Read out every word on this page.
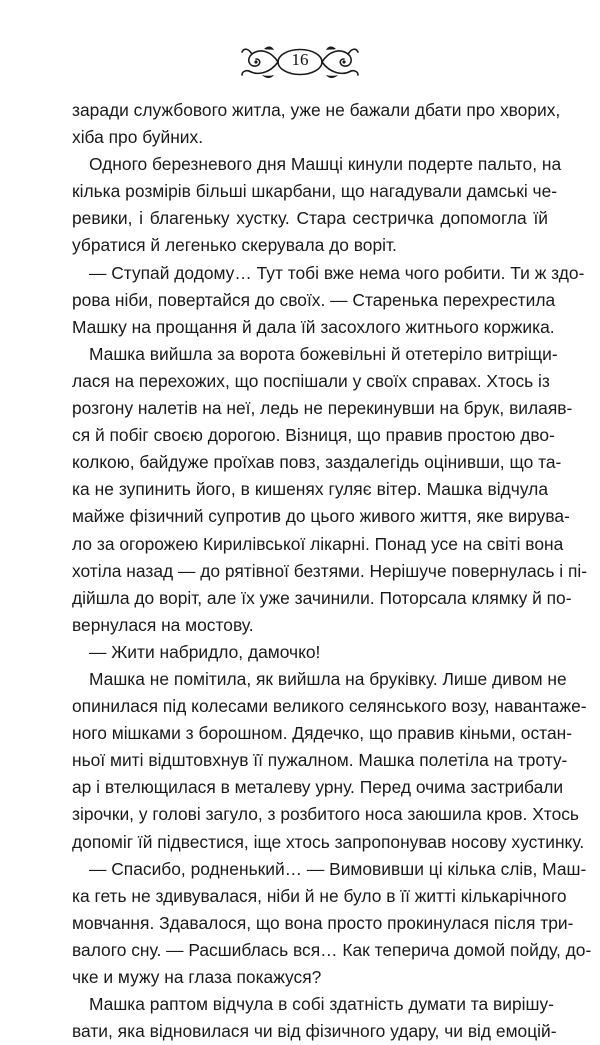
16
заради службового житла, уже не бажали дбати про хворих,
хіба про буйних.
Одного березневого дня Машці кинули подерте пальто, на
кілька розмірів більші шкарбани, що нагадували дамські че-
ревики, і благеньку хустку. Стара сестричка допомогла їй
убратися й легенько скерувала до воріт.
— Ступай додому… Тут тобі вже нема чого робити. Ти ж здо-
рова ніби, повертайся до своїх. — Старенька перехрестила
Машку на прощання й дала їй засохлого житнього коржика.
Машка вийшла за ворота божевільні й отетеріло витріщи-
лася на перехожих, що поспішали у своїх справах. Хтось із
розгону налетів на неї, ледь не перекинувши на брук, вилаяв-
ся й побіг своєю дорогою. Візниця, що правив простою дво-
колкою, байдуже проїхав повз, заздалегідь оцінивши, що та-
ка не зупинить його, в кишенях гуляє вітер. Машка відчула
майже фізичний супротив до цього живого життя, яке вирува-
ло за огорожею Кирилівської лікарні. Понад усе на світі вона
хотіла назад — до рятівної безтями. Нерішуче повернулась і пі-
дійшла до воріт, але їх уже зачинили. Поторсала клямку й по-
вернулася на мостову.
— Жити набридло, дамочко!
Машка не помітила, як вийшла на бруківку. Лише дивом не
опинилася під колесами великого селянського возу, навантаже-
ного мішками з борошном. Дядечко, що правив кіньми, остан-
ньої миті відштовхнув її пужалном. Машка полетіла на троту-
ар і втелющилася в металеву урну. Перед очима застрибали
зірочки, у голові загуло, з розбитого носа заюшила кров. Хтось
допоміг їй підвестися, іще хтось запропонував носову хустинку.
— Спасибо, родненький… — Вимовивши ці кілька слів, Маш-
ка геть не здивувалася, ніби й не було в її житті кількарічного
мовчання. Здавалося, що вона просто прокинулася після три-
валого сну. — Расшиблась вся… Как теперича домой пойду, до-
чке и мужу на глаза покажуся?
Машка раптом відчула в собі здатність думати та вирішу-
вати, яка відновилася чи від фізичного удару, чи від емоцій-
